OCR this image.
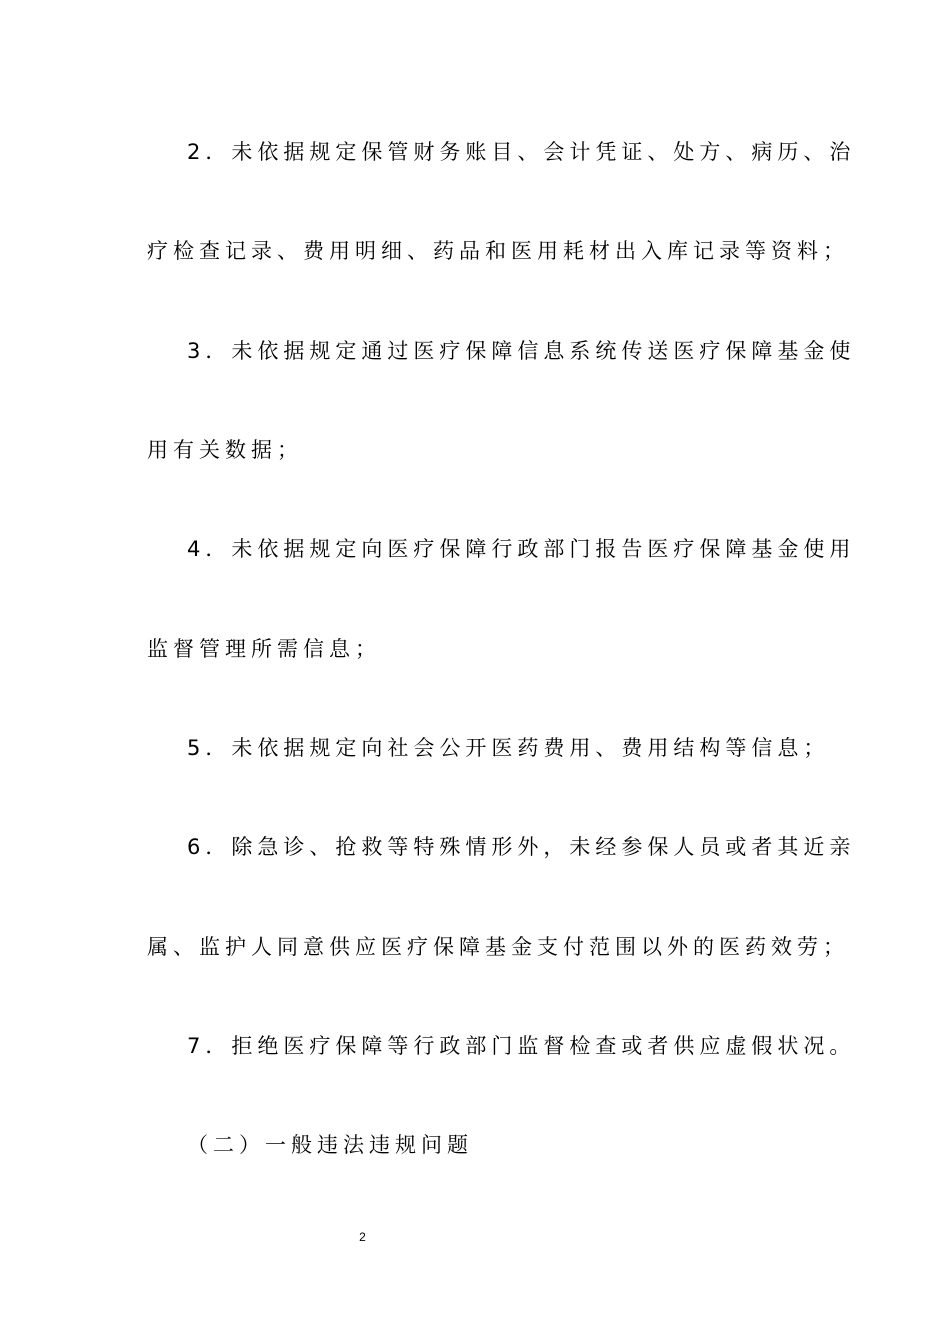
2．未依据规定保管财务账目、会计凭证、处方、病历、治
疗检查记录、费用明细、药品和医用耗材出入库记录等资料；
3．未依据规定通过医疗保障信息系统传送医疗保障基金使
用有关数据；
4．未依据规定向医疗保障行政部门报告医疗保障基金使用
监督管理所需信息；
5．未依据规定向社会公开医药费用、费用结构等信息；
6．除急诊、抢救等特殊情形外，未经参保人员或者其近亲
属、监护人同意供应医疗保障基金支付范围以外的医药效劳；
7．拒绝医疗保障等行政部门监督检查或者供应虚假状况。
（二）一般违法违规问题
2
